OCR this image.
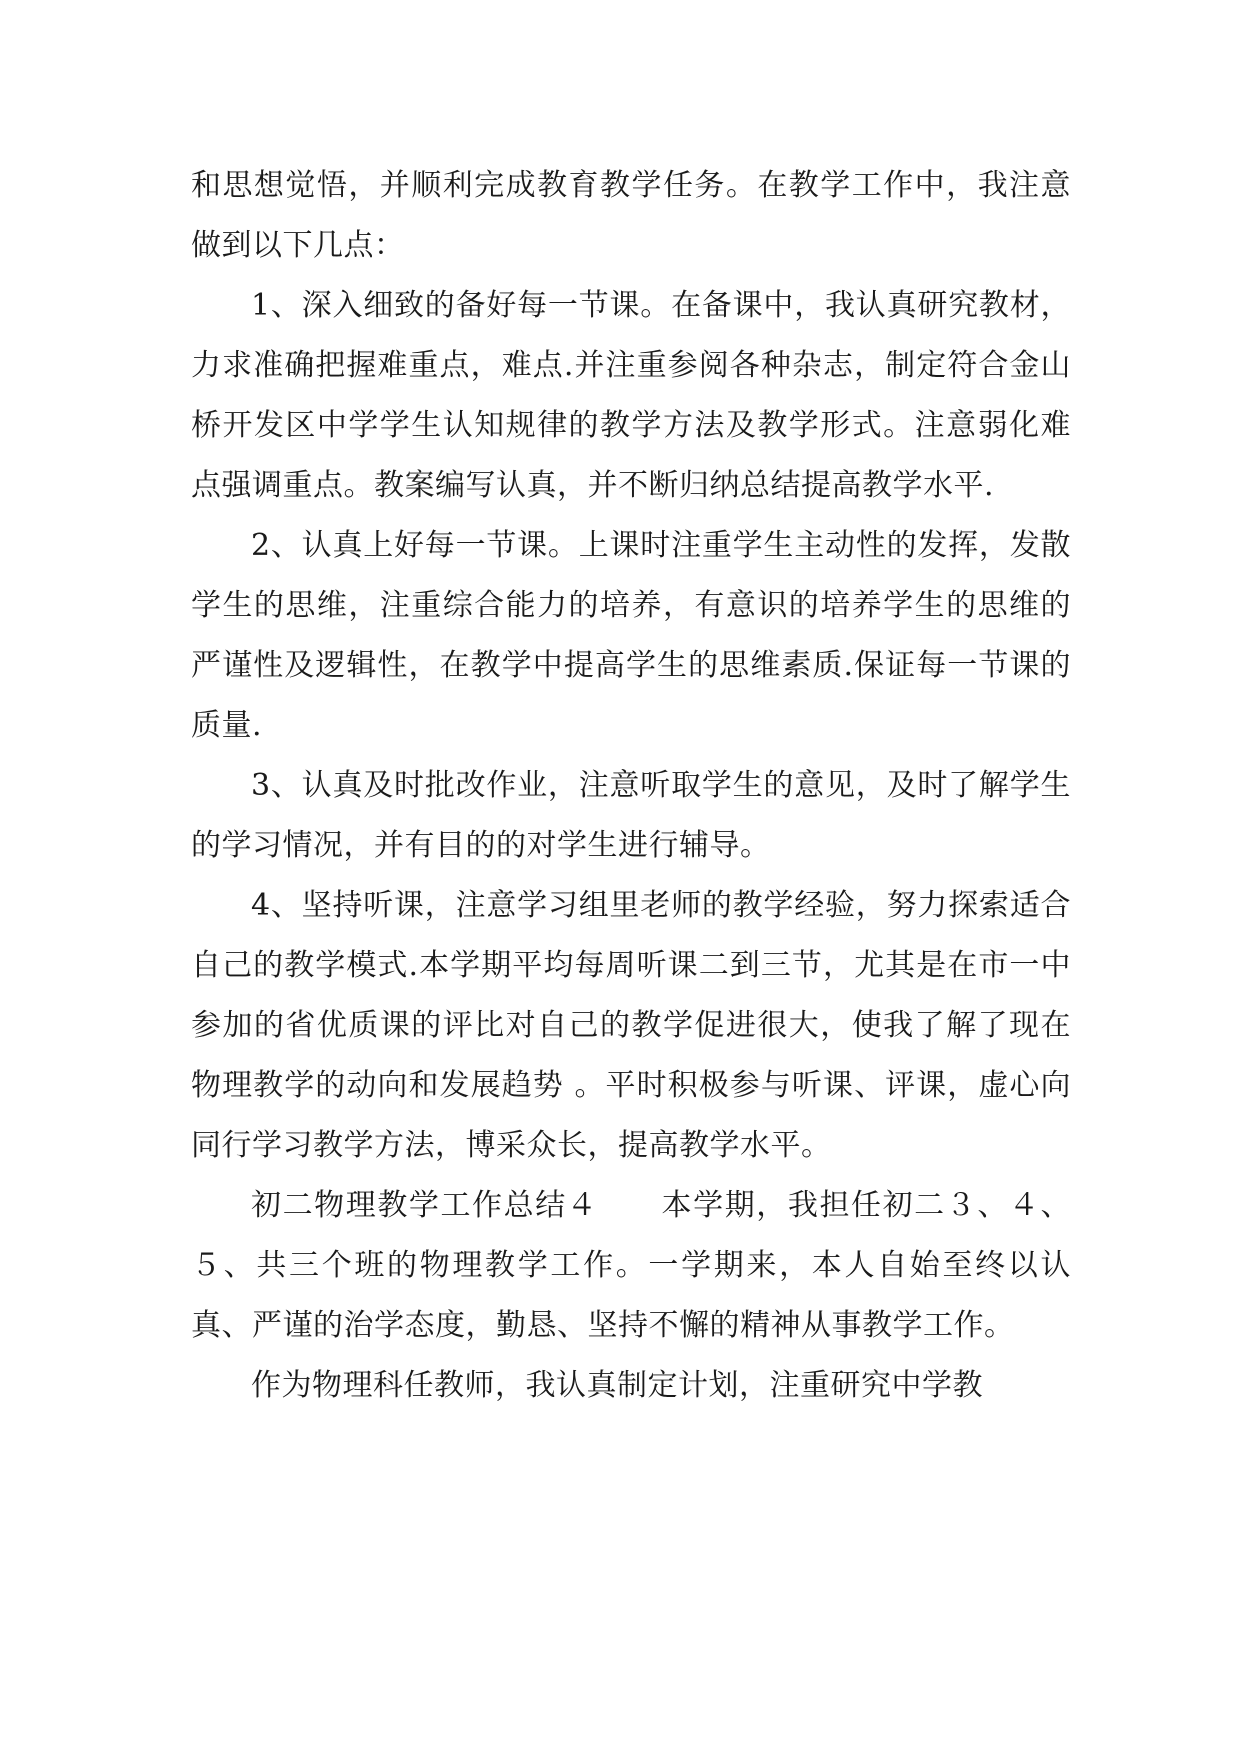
和思想觉悟，并顺利完成教育教学任务。在教学工作中，我注意做到以下几点：

1、深入细致的备好每一节课。在备课中，我认真研究教材，力求准确把握难重点，难点.并注重参阅各种杂志，制定符合金山桥开发区中学学生认知规律的教学方法及教学形式。注意弱化难点强调重点。教案编写认真，并不断归纳总结提高教学水平.

2、认真上好每一节课。上课时注重学生主动性的发挥，发散学生的思维，注重综合能力的培养，有意识的培养学生的思维的严谨性及逻辑性，在教学中提高学生的思维素质.保证每一节课的质量.

3、认真及时批改作业，注意听取学生的意见，及时了解学生的学习情况，并有目的的对学生进行辅导。

4、坚持听课，注意学习组里老师的教学经验，努力探索适合自己的教学模式.本学期平均每周听课二到三节，尤其是在市一中参加的省优质课的评比对自己的教学促进很大，使我了解了现在物理教学的动向和发展趋势 。平时积极参与听课、评课，虚心向同行学习教学方法，博采众长，提高教学水平。

初二物理教学工作总结４　　本学期，我担任初二３、４、５、共三个班的物理教学工作。一学期来，本人自始至终以认真、严谨的治学态度，勤恳、坚持不懈的精神从事教学工作。

作为物理科任教师，我认真制定计划，注重研究中学教
